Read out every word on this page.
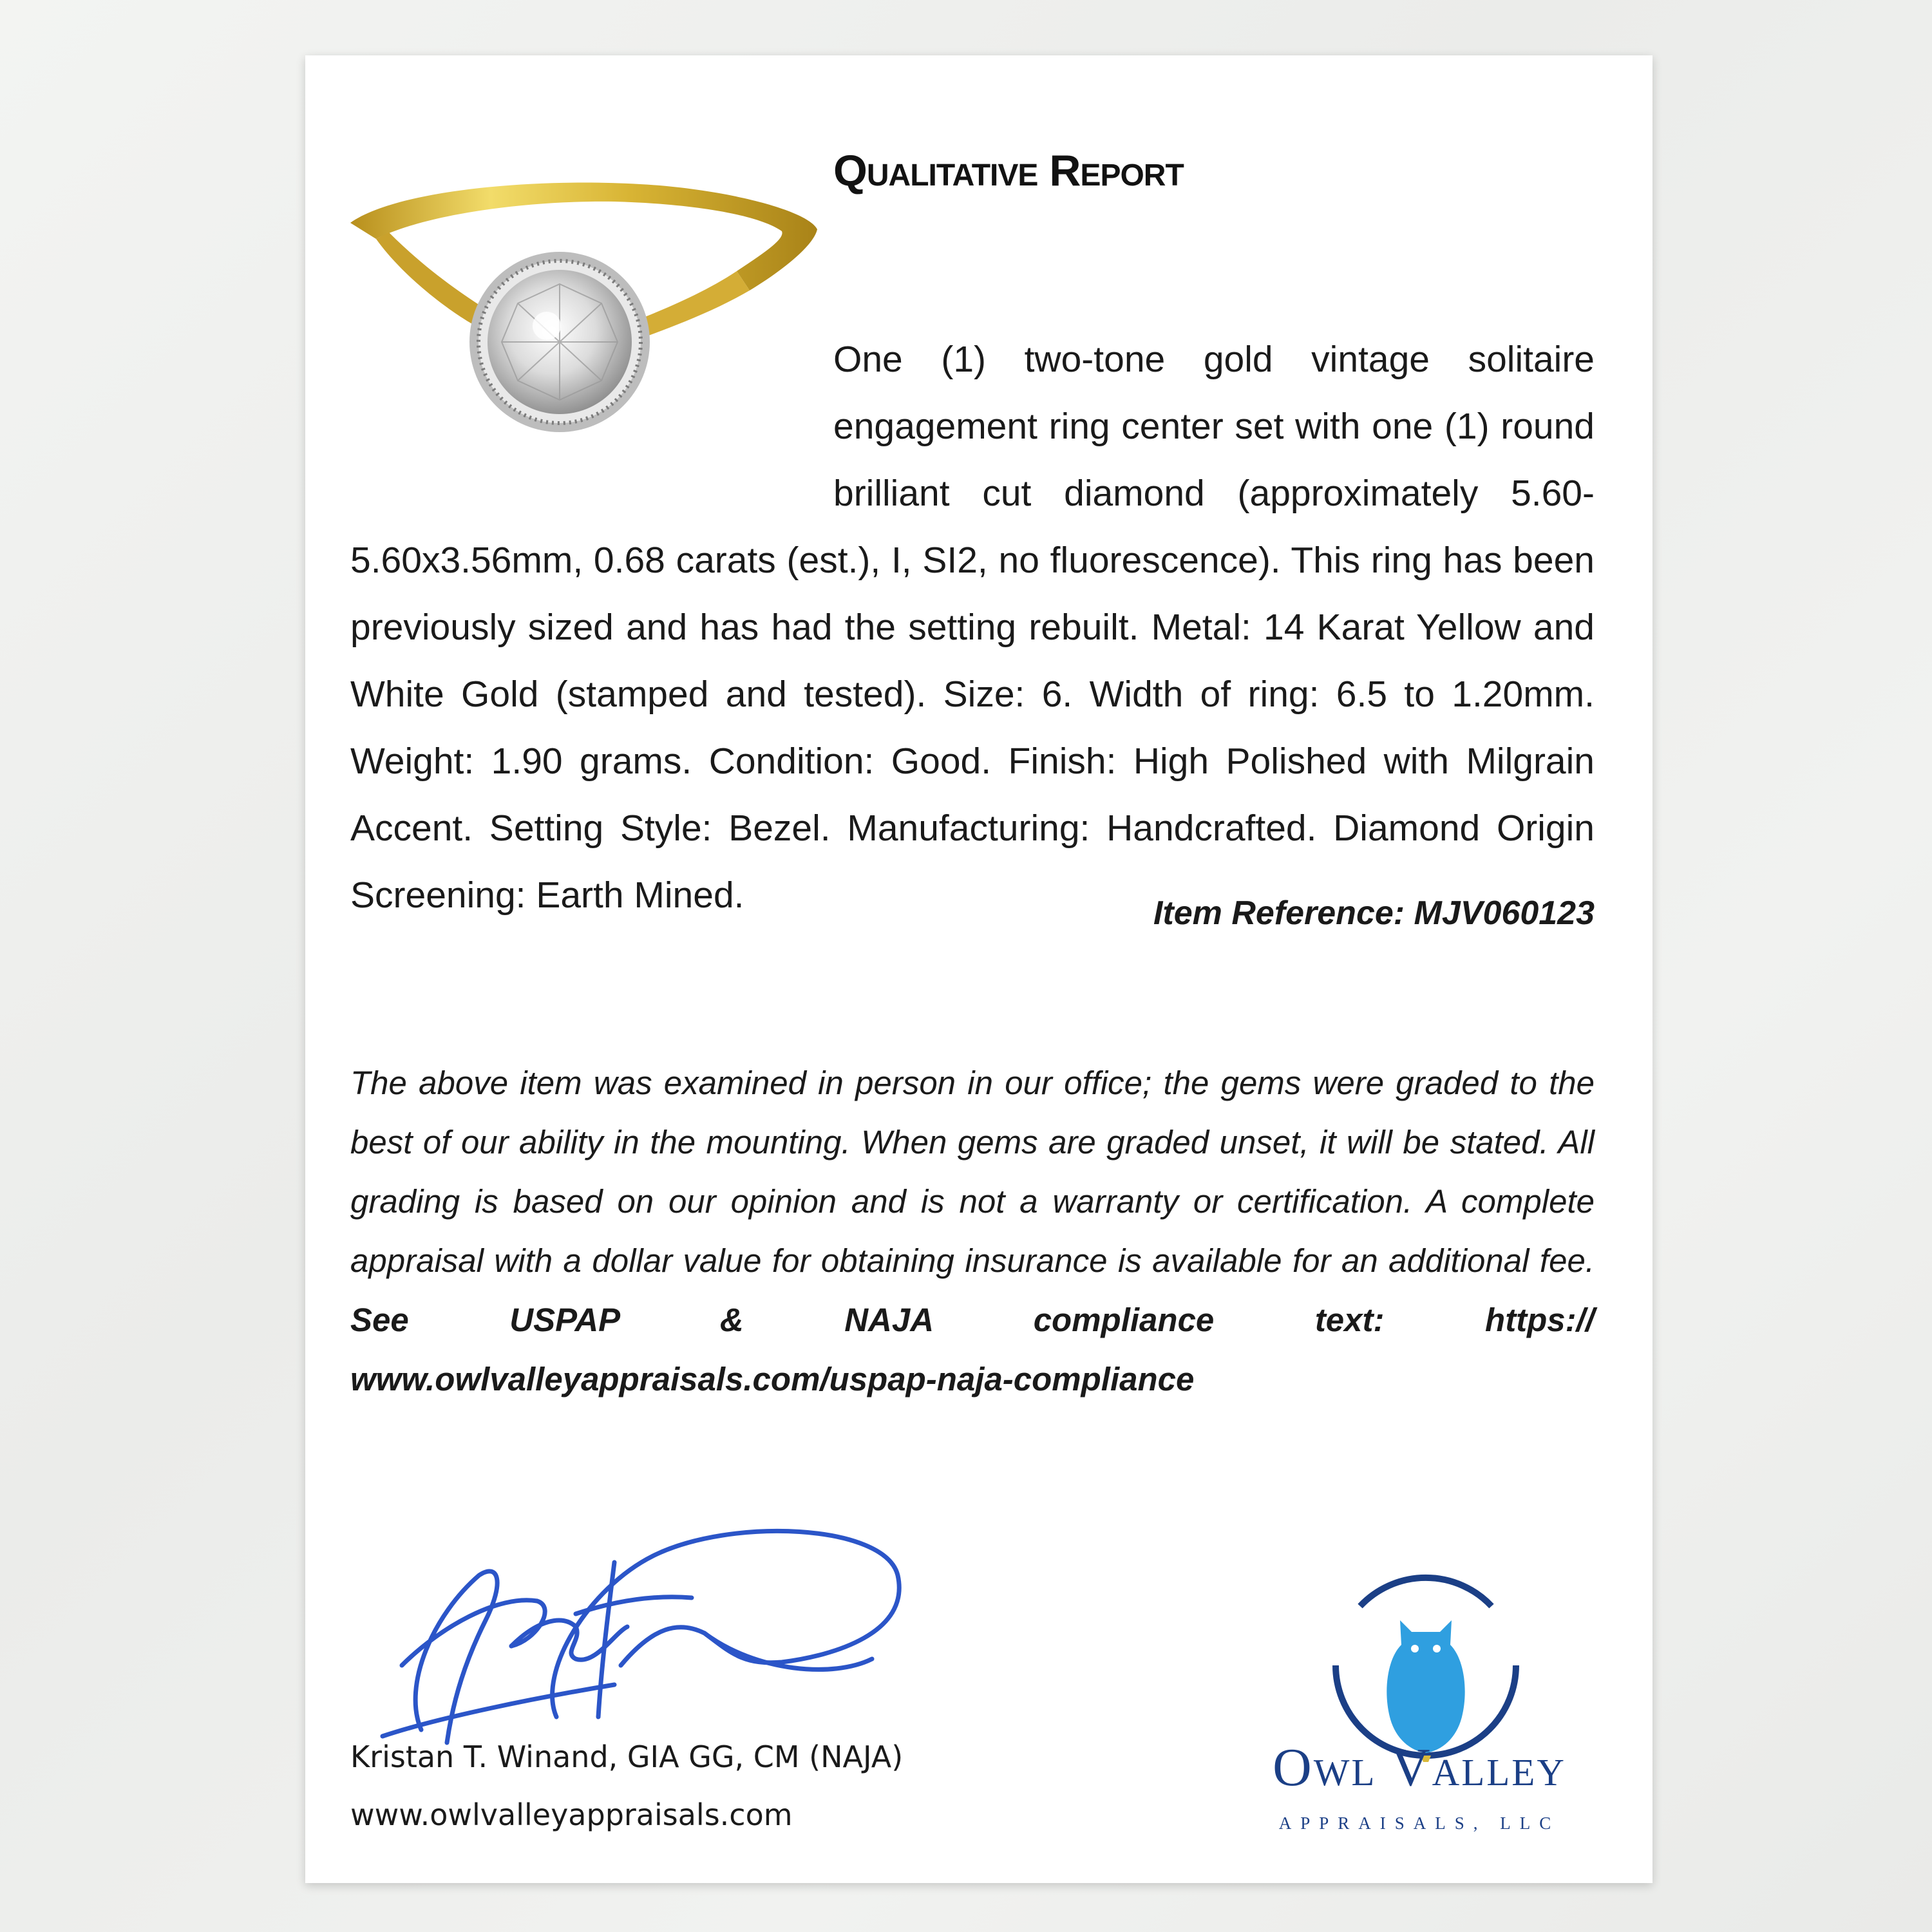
Qualitative Report

One (1) two-tone gold vintage solitaire engagement ring center set with one (1) round brilliant cut diamond (approximately 5.60-5.60x3.56mm, 0.68 carats (est.), I, SI2, no fluorescence). This ring has been previously sized and has had the setting rebuilt. Metal: 14 Karat Yellow and White Gold (stamped and tested). Size: 6. Width of ring: 6.5 to 1.20mm. Weight: 1.90 grams. Condition: Good. Finish: High Polished with Milgrain Accent. Setting Style: Bezel. Manufacturing: Handcrafted. Diamond Origin Screening: Earth Mined.	Item Reference: MJV060123

The above item was examined in person in our office; the gems were graded to the best of our ability in the mounting. When gems are graded unset, it will be stated. All grading is based on our opinion and is not a warranty or certification. A complete appraisal with a dollar value for obtaining insurance is available for an additional fee. See USPAP & NAJA compliance text: https:// www.owlvalleyappraisals.com/uspap-naja-compliance

Kristan T. Winand, GIA GG, CM (NAJA)

www.owlvalleyappraisals.com

Owl Valley

APPRAISALS, LLC
